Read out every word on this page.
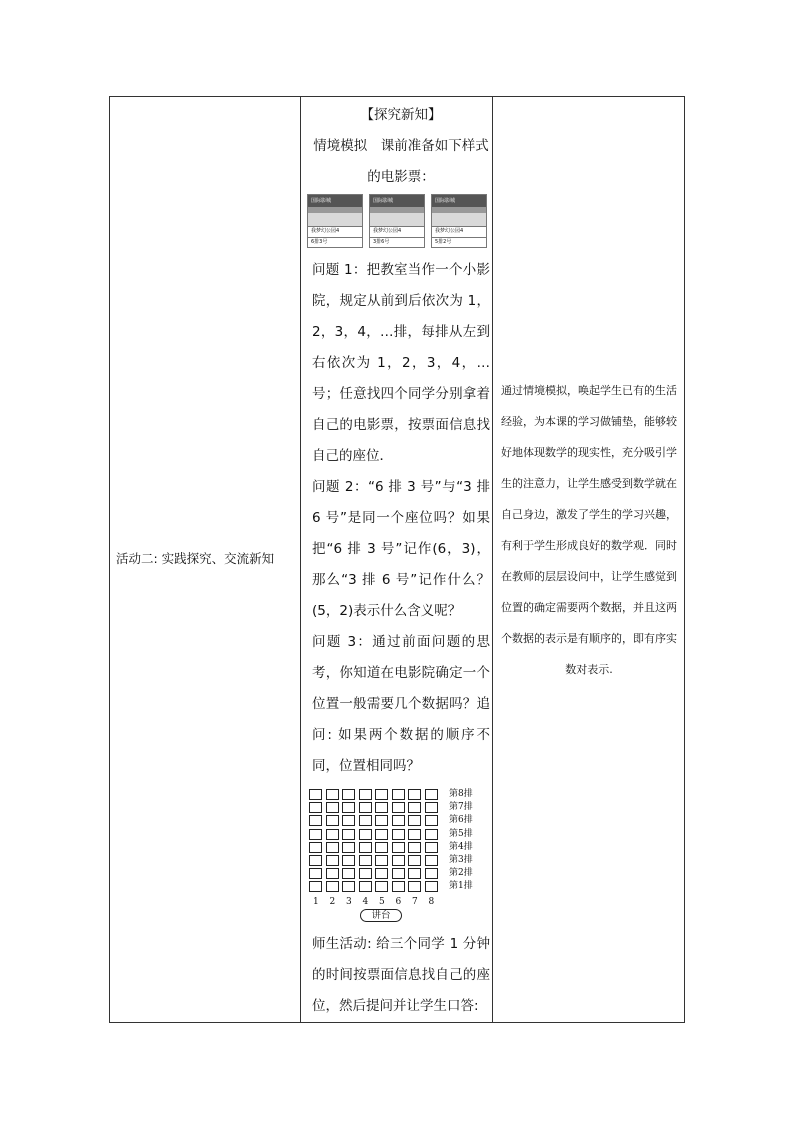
活动二: 实践探究、交流新知
【探究新知】
情境模拟　课前准备如下样式的电影票：
国际影城
我梦幻公园4
6排3号
国际影城
我梦幻公园4
3排6号
国际影城
我梦幻公园4
5排2号
问题 1：把教室当作一个小影院，规定从前到后依次为 1，2，3，4，…排，每排从左到右依次为 1，2，3，4，…号；任意找四个同学分别拿着自己的电影票，按票面信息找自己的座位．
问题 2：“6 排 3 号”与“3 排 6 号”是同一个座位吗？如果把“6 排 3 号”记作(6，3)，那么“3 排 6 号”记作什么？(5，2)表示什么含义呢？
问题 3：通过前面问题的思考，你知道在电影院确定一个位置一般需要几个数据吗？追问: 如果两个数据的顺序不同，位置相同吗？
讲台
第8排
第7排
第6排
第5排
第4排
第3排
第2排
第1排
1 2 3 4 5 6 7 8
师生活动: 给三个同学 1 分钟的时间按票面信息找自己的座位，然后提问并让学生口答:
通过情境模拟，唤起学生已有的生活经验，为本课的学习做铺垫，能够较好地体现数学的现实性，充分吸引学生的注意力，让学生感受到数学就在自己身边，激发了学生的学习兴趣，有利于学生形成良好的数学观．同时在教师的层层设问中，让学生感觉到位置的确定需要两个数据，并且这两个数据的表示是有顺序的，即有序实数对表示.
